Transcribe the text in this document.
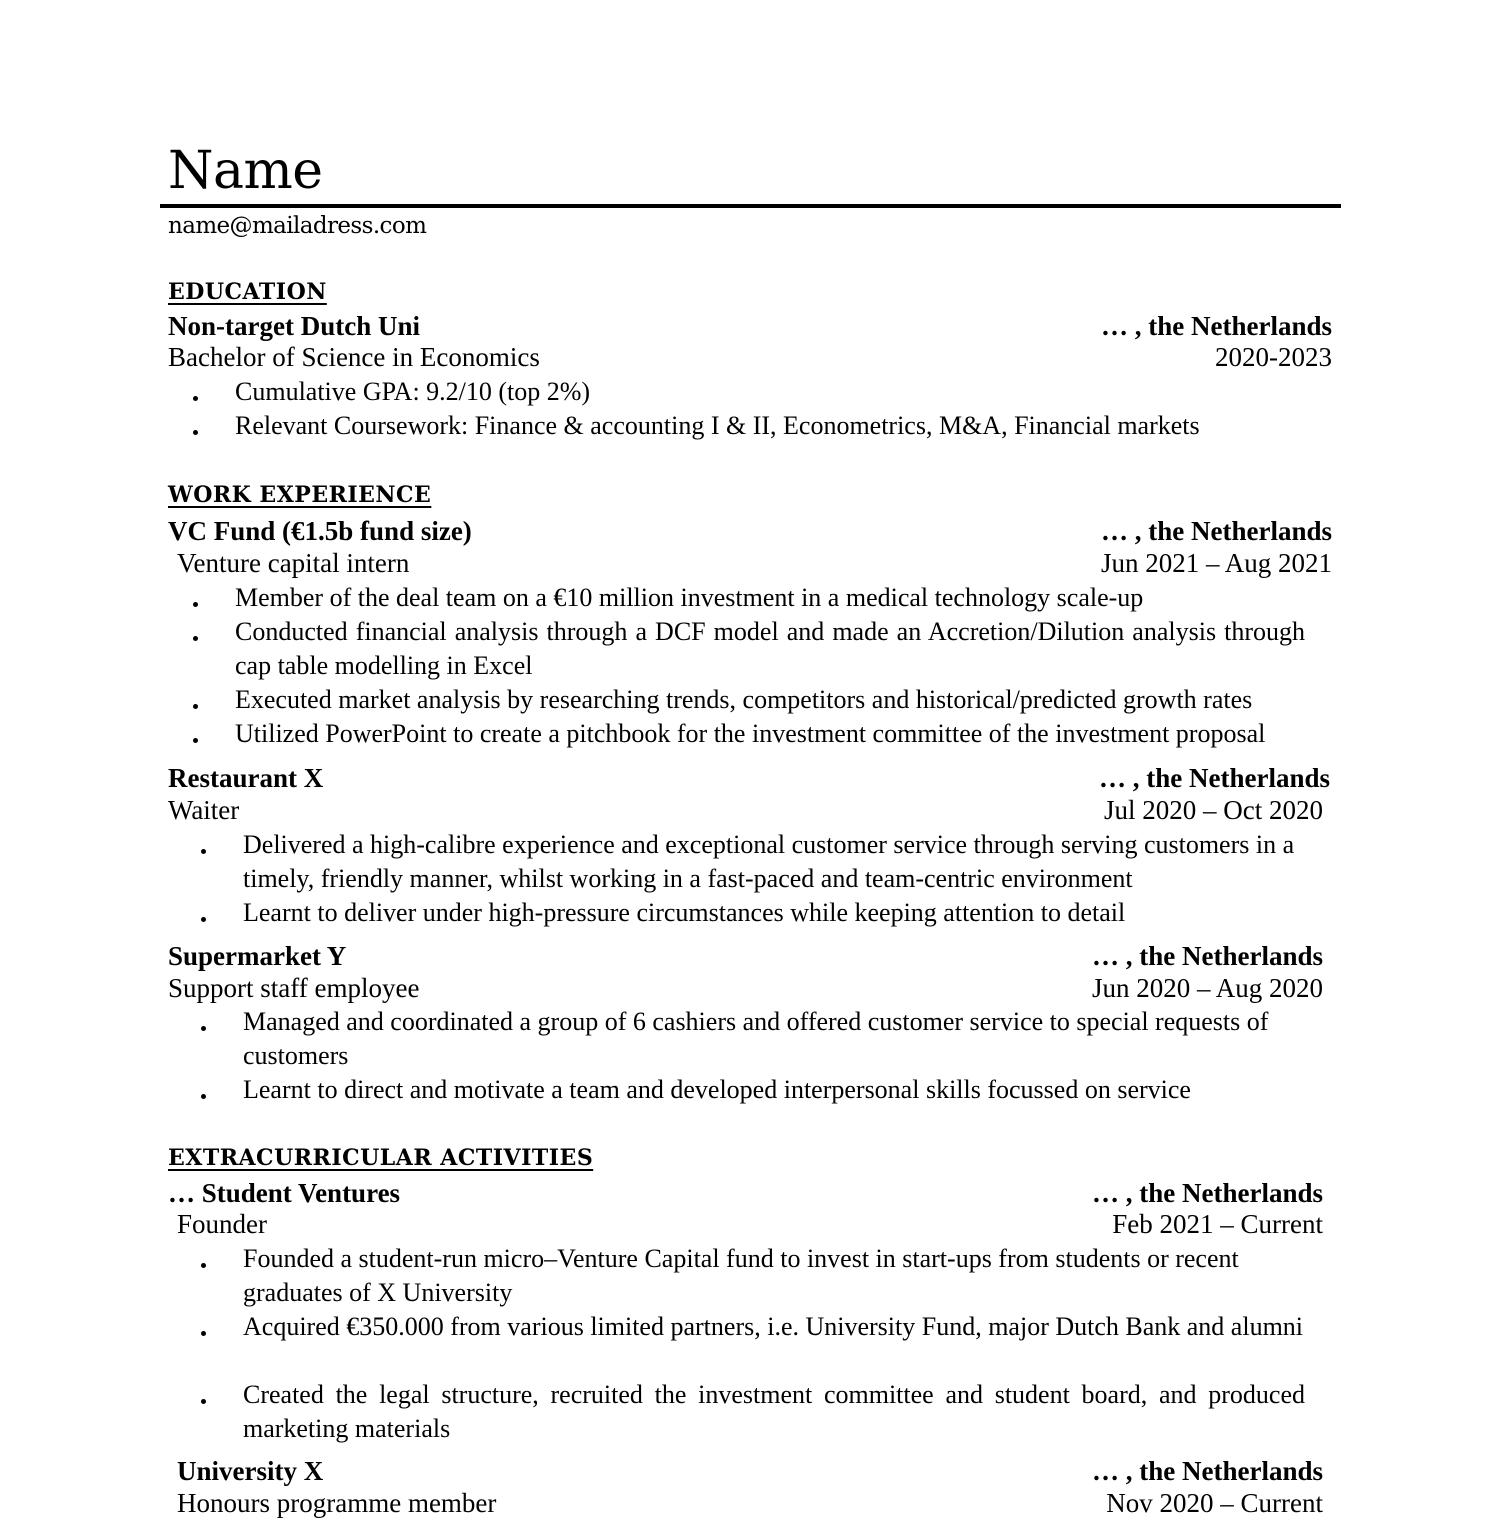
Name
name@mailadress.com
EDUCATION
Non-target Dutch Uni	… , the Netherlands
Bachelor of Science in Economics	2020-2023
Cumulative GPA: 9.2/10 (top 2%)
Relevant Coursework: Finance & accounting I & II, Econometrics, M&A, Financial markets
WORK EXPERIENCE
VC Fund (€1.5b fund size)	… , the Netherlands
Venture capital intern	Jun 2021 – Aug 2021
Member of the deal team on a €10 million investment in a medical technology scale-up
Conducted financial analysis through a DCF model and made an Accretion/Dilution analysis through cap table modelling in Excel
Executed market analysis by researching trends, competitors and historical/predicted growth rates
Utilized PowerPoint to create a pitchbook for the investment committee of the investment proposal
Restaurant X	… , the Netherlands
Waiter	Jul 2020 – Oct 2020
Delivered a high-calibre experience and exceptional customer service through serving customers in a timely, friendly manner, whilst working in a fast-paced and team-centric environment
Learnt to deliver under high-pressure circumstances while keeping attention to detail
Supermarket Y	… , the Netherlands
Support staff employee	Jun 2020 – Aug 2020
Managed and coordinated a group of 6 cashiers and offered customer service to special requests of customers
Learnt to direct and motivate a team and developed interpersonal skills focussed on service
EXTRACURRICULAR ACTIVITIES
… Student Ventures	… , the Netherlands
Founder	Feb 2021 – Current
Founded a student-run micro–Venture Capital fund to invest in start-ups from students or recent graduates of X University
Acquired €350.000 from various limited partners, i.e. University Fund, major Dutch Bank and alumni
Created the legal structure, recruited the investment committee and student board, and produced marketing materials
University X	… , the Netherlands
Honours programme member	Nov 2020 – Current
